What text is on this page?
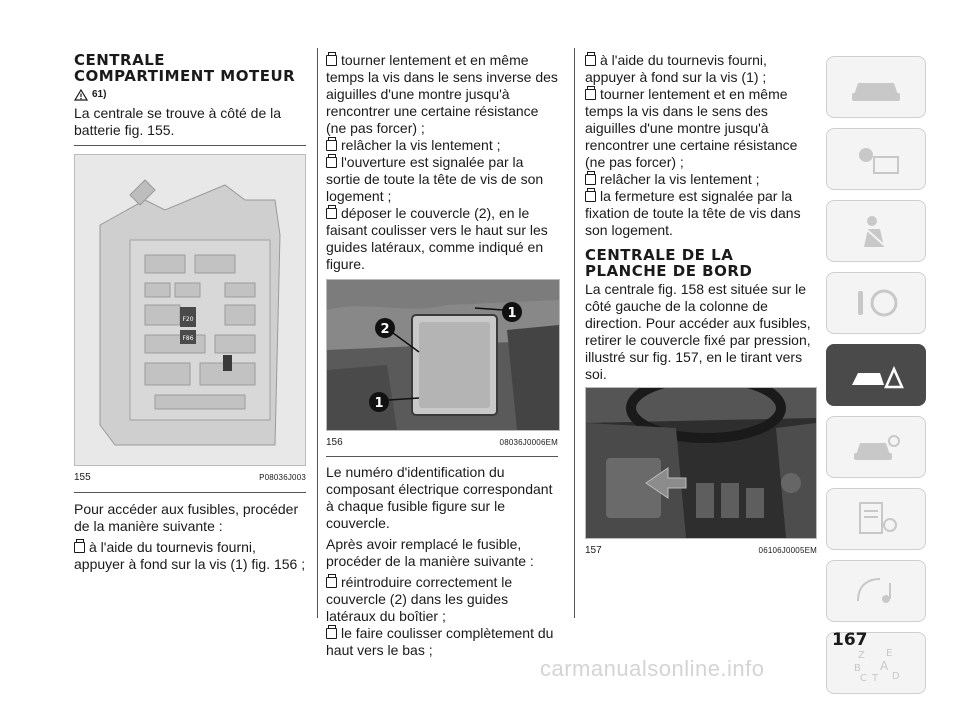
CENTRALE COMPARTIMENT MOTEUR
61)

La centrale se trouve à côté de la batterie fig. 155.

F20
F86
155	P08036J003

Pour accéder aux fusibles, procéder de la manière suivante :

à l'aide du tournevis fourni, appuyer à fond sur la vis (1) fig. 156 ;

tourner lentement et en même temps la vis dans le sens inverse des aiguilles d'une montre jusqu'à rencontrer une certaine résistance (ne pas forcer) ;

relâcher la vis lentement ;

l'ouverture est signalée par la sortie de toute la tête de vis de son logement ;

déposer le couvercle (2), en le faisant coulisser vers le haut sur les guides latéraux, comme indiqué en figure.

1
2
1
156	08036J0006EM

Le numéro d'identification du composant électrique correspondant à chaque fusible figure sur le couvercle.

Après avoir remplacé le fusible, procéder de la manière suivante :

réintroduire correctement le couvercle (2) dans les guides latéraux du boîtier ;

le faire coulisser complètement du haut vers le bas ;

à l'aide du tournevis fourni, appuyer à fond sur la vis (1) ;

tourner lentement et en même temps la vis dans le sens des aiguilles d'une montre jusqu'à rencontrer une certaine résistance (ne pas forcer) ;

relâcher la vis lentement ;

la fermeture est signalée par la fixation de toute la tête de vis dans son logement.

CENTRALE DE LA PLANCHE DE BORD

La centrale fig. 158 est située sur le côté gauche de la colonne de direction. Pour accéder aux fusibles, retirer le couvercle fixé par pression, illustré sur fig. 157, en le tirant vers soi.

157	06106J0005EM
Z E
B A
C T D
167
carmanualsonline.info
